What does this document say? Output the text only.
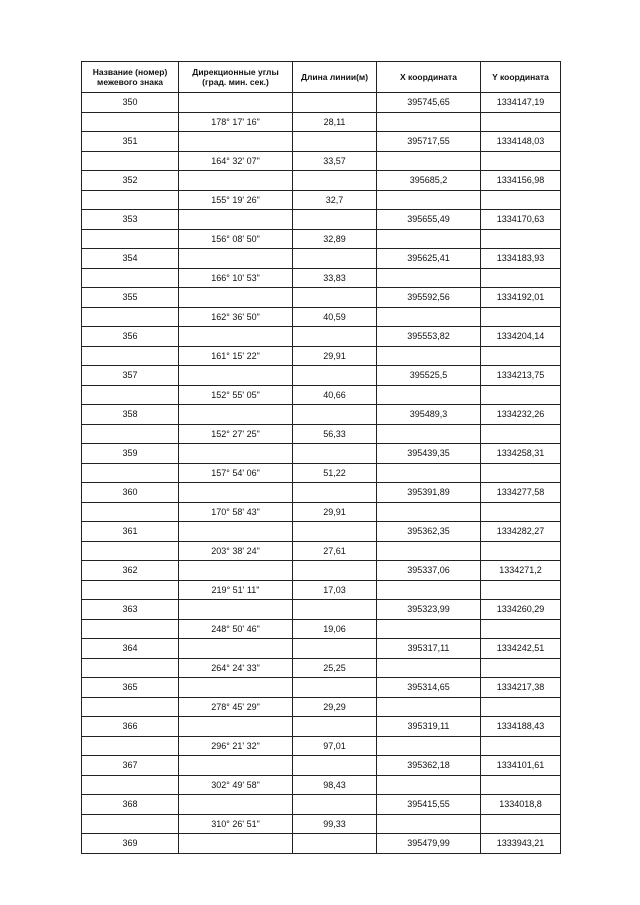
Название (номер)
межевого знака	Дирекционные углы
(град. мин. сек.)	Длина линии(м)	X координата	Y координата
350			395745,65	1334147,19
	178° 17' 16"	28,11		
351			395717,55	1334148,03
	164° 32' 07"	33,57		
352			395685,2	1334156,98
	155° 19' 26"	32,7		
353			395655,49	1334170,63
	156° 08' 50"	32,89		
354			395625,41	1334183,93
	166° 10' 53"	33,83		
355			395592,56	1334192,01
	162° 36' 50"	40,59		
356			395553,82	1334204,14
	161° 15' 22"	29,91		
357			395525,5	1334213,75
	152° 55' 05"	40,66		
358			395489,3	1334232,26
	152° 27' 25"	56,33		
359			395439,35	1334258,31
	157° 54' 06"	51,22		
360			395391,89	1334277,58
	170° 58' 43"	29,91		
361			395362,35	1334282,27
	203° 38' 24"	27,61		
362			395337,06	1334271,2
	219° 51' 11"	17,03		
363			395323,99	1334260,29
	248° 50' 46"	19,06		
364			395317,11	1334242,51
	264° 24' 33"	25,25		
365			395314,65	1334217,38
	278° 45' 29"	29,29		
366			395319,11	1334188,43
	296° 21' 32"	97,01		
367			395362,18	1334101,61
	302° 49' 58"	98,43		
368			395415,55	1334018,8
	310° 26' 51"	99,33		
369			395479,99	1333943,21
